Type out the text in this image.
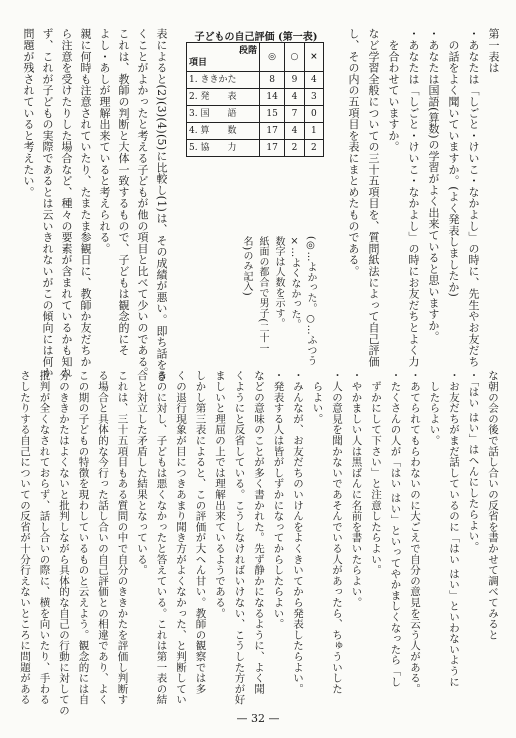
第一表は
・あなたは「しごと・けいこ・なかよし」の時に、先生やお友だち
　の話をよく聞いていますか。(よく発表しましたか)
・あなたは国語(算数)の学習がよく出来ていると思いますか。
・あなたは「しごと・けいこ・なかよし」の時にお友だちとよく力
　を合わせていますか。
など学習全般についての三十五項目を、質問紙法によって自己評価
し、その内の五項目を表にまとめたものである。
子どもの自己評価 (第一表)
段階
項目	◎	○	×
1. ききかた	8	9	4
2. 発　　表	14	4	3
3. 国　　語	15	7	0
4. 算　　数	17	4	1
5. 協　　力	17	2	2
(◎…よかった。○…ふつう
×…よくなかった。
数字は人数を示す。
紙面の都合で男子(二十一
名)のみ記入)
表によると(2)(3)(4)(5)に比較し(1)は、その成績が悪い。即ち話をき
くことがよかったと考える子どもが他の項目と比べて少いのである。
これは、教師の判断と大体一致するもので、子どもは観念的にそ
よし・あしが理解出来ていると考えられる。
親に何時も注意されていたり、たまたま参観日に、教師か友だちか
ら注意を受けたりした場合など、種々の要素が含まれているかも知れ
ず、これが子どもの実際であるとは云いきれないがこの傾向には何か
問題が残されていると考えたい。
な朝の会の後で話し合いの反省を書かせて調べてみると
・「はい はい」はへんにしたらよい。
・お友だちがまだ話しているのに「はい はい」といわないように
　したらよい。
・あてられてもらわないのに大ごえで自分の意見を云う人がある。
・たくさんの人が「はい はい」といってやかましくなったら「し
　ずかにして下さい」と注意したらよい。
・やかましい人は黒ばんに名前を書いたらよい。
・人の意見を聞かないであそんでいる人があったら、ちゅういした
　らよい。
・みんなが、お友だちのいけんをよくきいてから発表したらよい。
・発表する人は皆がしずかになってからしたらよい。
などの意味のことが多く書かれた。先ず静かになるように、よく聞
くようにと反省している。こうしなければいけない、こうした方が好
ましいと理屈の上では理解出来ているようである。
しかし第三表によると、この評価が大へん甘い。教師の観察では多
くの退行現象が目につきあまり聞き方がよくなかった、と判断してい
るのに対し、子どもは悪くなかったと答えている。これは第一表の結
合と対立した矛盾した結果となっている。
これは、三十五項目もある質問の中で自分のききかたを評価し判断す
る場合と具体的な今行った話し合いの自己評価との相違であり、よく
この期の子どもの特徴を現わしているものと云えよう。観念的には自
分のききかたはよくないと批判しながら具体的な自己の行動に対しての
批判が全くなされておらず、話し合いの際に、横を向いたり、手わる
さしたりする自己についての反省が十分行えないところに問題がある
— 32 —
